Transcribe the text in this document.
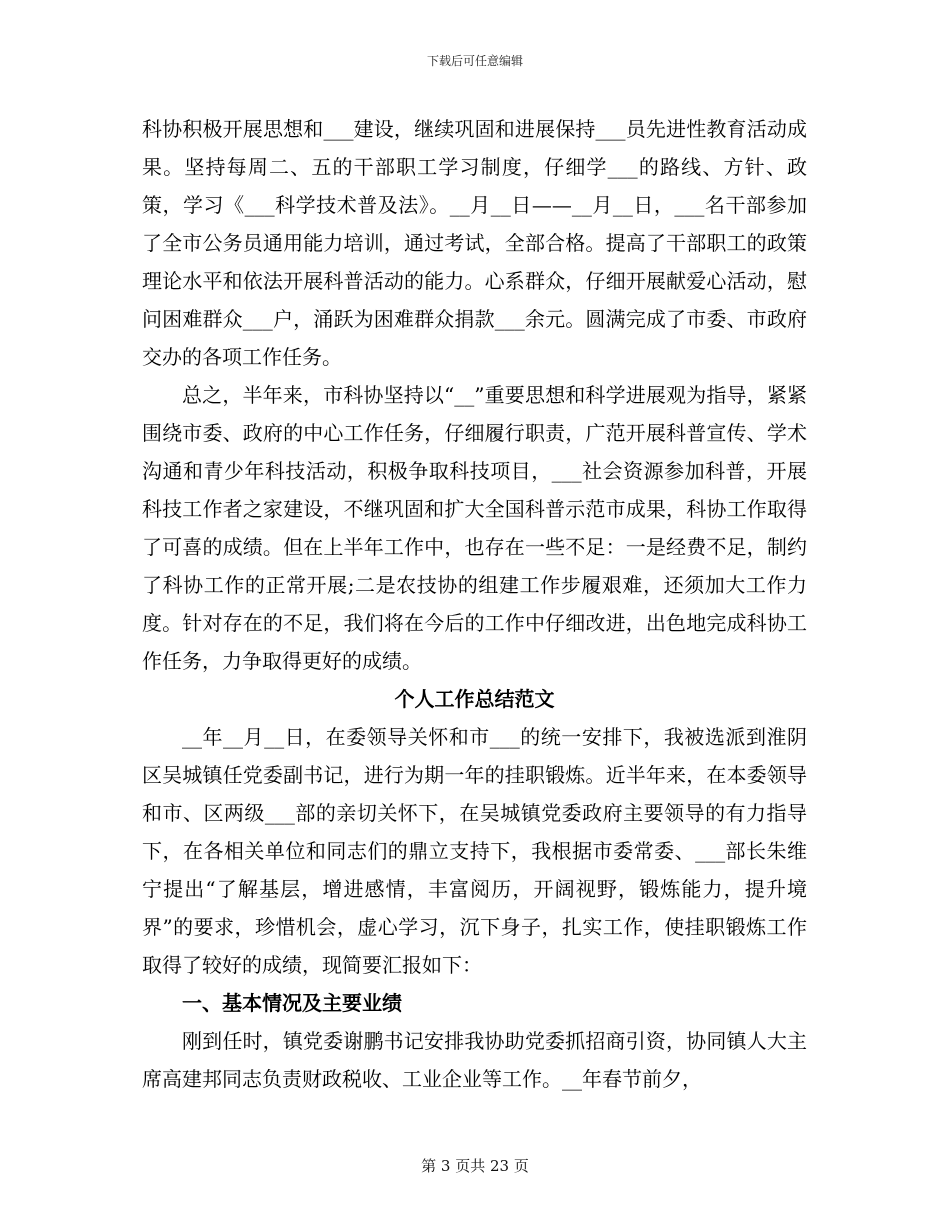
下载后可任意编辑

科协积极开展思想和___建设，继续巩固和进展保持___员先进性教育活动成果。坚持每周二、五的干部职工学习制度，仔细学___的路线、方针、政策，学习《___科学技术普及法》。__月__日——__月__日，___名干部参加了全市公务员通用能力培训，通过考试，全部合格。提高了干部职工的政策理论水平和依法开展科普活动的能力。心系群众，仔细开展献爱心活动，慰问困难群众___户，涌跃为困难群众捐款___余元。圆满完成了市委、市政府交办的各项工作任务。

总之，半年来，市科协坚持以“__”重要思想和科学进展观为指导，紧紧围绕市委、政府的中心工作任务，仔细履行职责，广范开展科普宣传、学术沟通和青少年科技活动，积极争取科技项目，___社会资源参加科普，开展科技工作者之家建设，不继巩固和扩大全国科普示范市成果，科协工作取得了可喜的成绩。但在上半年工作中，也存在一些不足：一是经费不足，制约了科协工作的正常开展;二是农技协的组建工作步履艰难，还须加大工作力度。针对存在的不足，我们将在今后的工作中仔细改进，出色地完成科协工作任务，力争取得更好的成绩。

个人工作总结范文

__年__月__日，在委领导关怀和市___的统一安排下，我被选派到淮阴区吴城镇任党委副书记，进行为期一年的挂职锻炼。近半年来，在本委领导和市、区两级___部的亲切关怀下，在吴城镇党委政府主要领导的有力指导下，在各相关单位和同志们的鼎立支持下，我根据市委常委、___部长朱维宁提出“了解基层，增进感情，丰富阅历，开阔视野，锻炼能力，提升境界”的要求，珍惜机会，虚心学习，沉下身子，扎实工作，使挂职锻炼工作取得了较好的成绩，现简要汇报如下：

一、基本情况及主要业绩

刚到任时，镇党委谢鹏书记安排我协助党委抓招商引资，协同镇人大主席高建邦同志负责财政税收、工业企业等工作。__年春节前夕，

第 3 页共 23 页
